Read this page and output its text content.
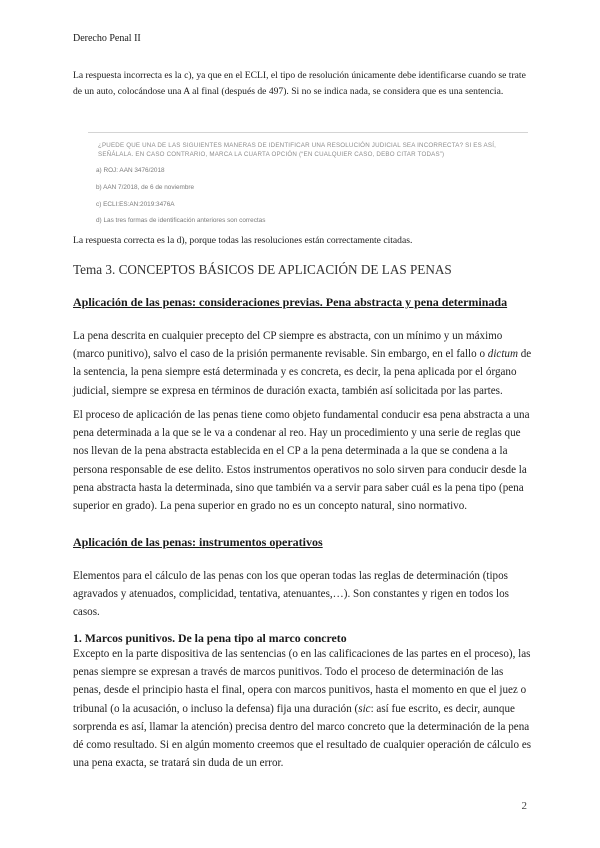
Derecho Penal II
La respuesta incorrecta es la c), ya que en el ECLI, el tipo de resolución únicamente debe identificarse cuando se trate de un auto, colocándose una A al final (después de 497). Si no se indica nada, se considera que es una sentencia.
¿PUEDE QUE UNA DE LAS SIGUIENTES MANERAS DE IDENTIFICAR UNA RESOLUCIÓN JUDICIAL SEA INCORRECTA? SI ES ASÍ, SEÑÁLALA. EN CASO CONTRARIO, MARCA LA CUARTA OPCIÓN (“EN CUALQUIER CASO, DEBO CITAR TODAS”)
a) ROJ: AAN 3476/2018
b) AAN 7/2018, de 6 de noviembre
c) ECLI:ES:AN:2019:3476A
d) Las tres formas de identificación anteriores son correctas
La respuesta correcta es la d), porque todas las resoluciones están correctamente citadas.
Tema 3. CONCEPTOS BÁSICOS DE APLICACIÓN DE LAS PENAS
Aplicación de las penas: consideraciones previas. Pena abstracta y pena determinada
La pena descrita en cualquier precepto del CP siempre es abstracta, con un mínimo y un máximo (marco punitivo), salvo el caso de la prisión permanente revisable. Sin embargo, en el fallo o dictum de la sentencia, la pena siempre está determinada y es concreta, es decir, la pena aplicada por el órgano judicial, siempre se expresa en términos de duración exacta, también así solicitada por las partes.
El proceso de aplicación de las penas tiene como objeto fundamental conducir esa pena abstracta a una pena determinada a la que se le va a condenar al reo. Hay un procedimiento y una serie de reglas que nos llevan de la pena abstracta establecida en el CP a la pena determinada a la que se condena a la persona responsable de ese delito. Estos instrumentos operativos no solo sirven para conducir desde la pena abstracta hasta la determinada, sino que también va a servir para saber cuál es la pena tipo (pena superior en grado). La pena superior en grado no es un concepto natural, sino normativo.
Aplicación de las penas: instrumentos operativos
Elementos para el cálculo de las penas con los que operan todas las reglas de determinación (tipos agravados y atenuados, complicidad, tentativa, atenuantes,…). Son constantes y rigen en todos los casos.
1. Marcos punitivos. De la pena tipo al marco concreto
Excepto en la parte dispositiva de las sentencias (o en las calificaciones de las partes en el proceso), las penas siempre se expresan a través de marcos punitivos. Todo el proceso de determinación de las penas, desde el principio hasta el final, opera con marcos punitivos, hasta el momento en que el juez o tribunal (o la acusación, o incluso la defensa) fija una duración (sic: así fue escrito, es decir, aunque sorprenda es así, llamar la atención) precisa dentro del marco concreto que la determinación de la pena dé como resultado. Si en algún momento creemos que el resultado de cualquier operación de cálculo es una pena exacta, se tratará sin duda de un error.
2
